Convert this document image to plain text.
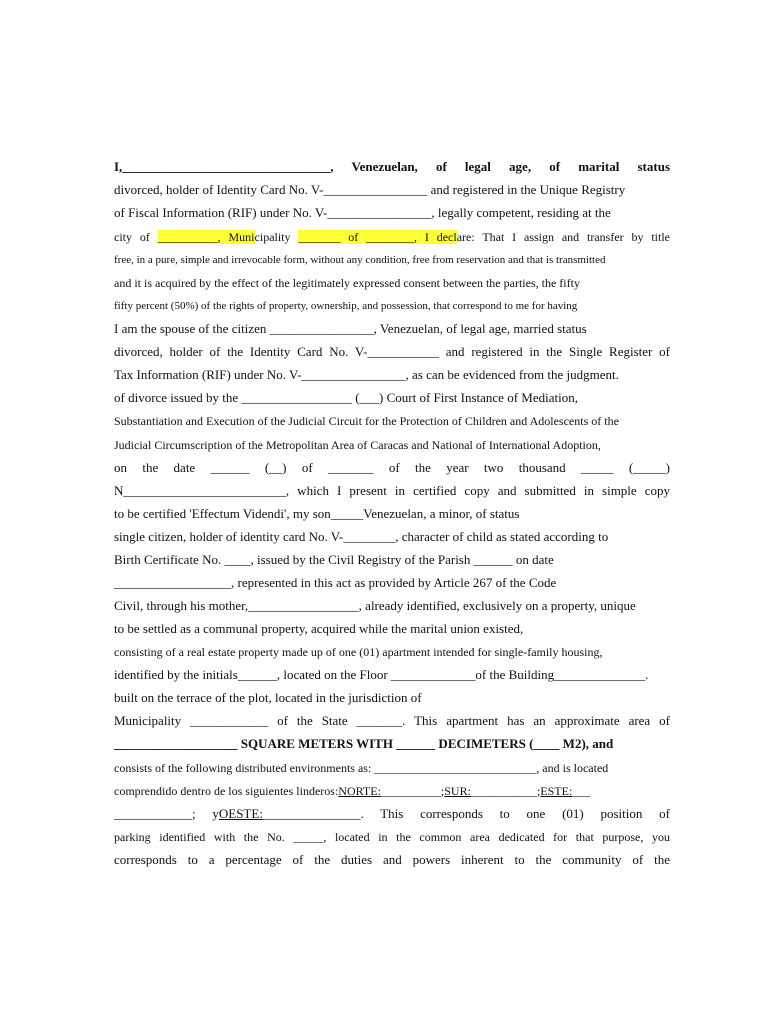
I,________________________________, Venezuelan, of legal age, of marital status
divorced, holder of Identity Card No. V-________________ and registered in the Unique Registry
of Fiscal Information (RIF) under No. V-________________, legally competent, residing at the
city of __________, Municipality _______ of ________, I declare: That I assign and transfer by title
free, in a pure, simple and irrevocable form, without any condition, free from reservation and that is transmitted
and it is acquired by the effect of the legitimately expressed consent between the parties, the fifty
fifty percent (50%) of the rights of property, ownership, and possession, that correspond to me for having
I am the spouse of the citizen ________________, Venezuelan, of legal age, married status
divorced, holder of the Identity Card No. V-___________ and registered in the Single Register of
Tax Information (RIF) under No. V-________________, as can be evidenced from the judgment.
of divorce issued by the _________________ (___) Court of First Instance of Mediation,
Substantiation and Execution of the Judicial Circuit for the Protection of Children and Adolescents of the
Judicial Circumscription of the Metropolitan Area of Caracas and National of International Adoption,
on the date ______ (__) of _______ of the year two thousand _____ (_____)
N_________________________, which I present in certified copy and submitted in simple copy
to be certified 'Effectum Videndi', my son_____Venezuelan, a minor, of status
single citizen, holder of identity card No. V-________, character of child as stated according to
Birth Certificate No. ____, issued by the Civil Registry of the Parish ______ on date
__________________, represented in this act as provided by Article 267 of the Code
Civil, through his mother,_________________, already identified, exclusively on a property, unique
to be settled as a communal property, acquired while the marital union existed,
consisting of a real estate property made up of one (01) apartment intended for single-family housing,
identified by the initials______, located on the Floor _____________of the Building______________.
built on the terrace of the plot, located in the jurisdiction of
Municipality ____________ of the State _______. This apartment has an approximate area of
___________________ SQUARE METERS WITH ______ DECIMETERS (____ M2), and
consists of the following distributed environments as: ___________________________, and is located
comprendido dentro de los siguientes linderos:NORTE:__________;SUR:___________;ESTE:___
____________; yOESTE:_______________. This corresponds to one (01) position of
parking identified with the No. _____, located in the common area dedicated for that purpose, you
corresponds to a percentage of the duties and powers inherent to the community of the
